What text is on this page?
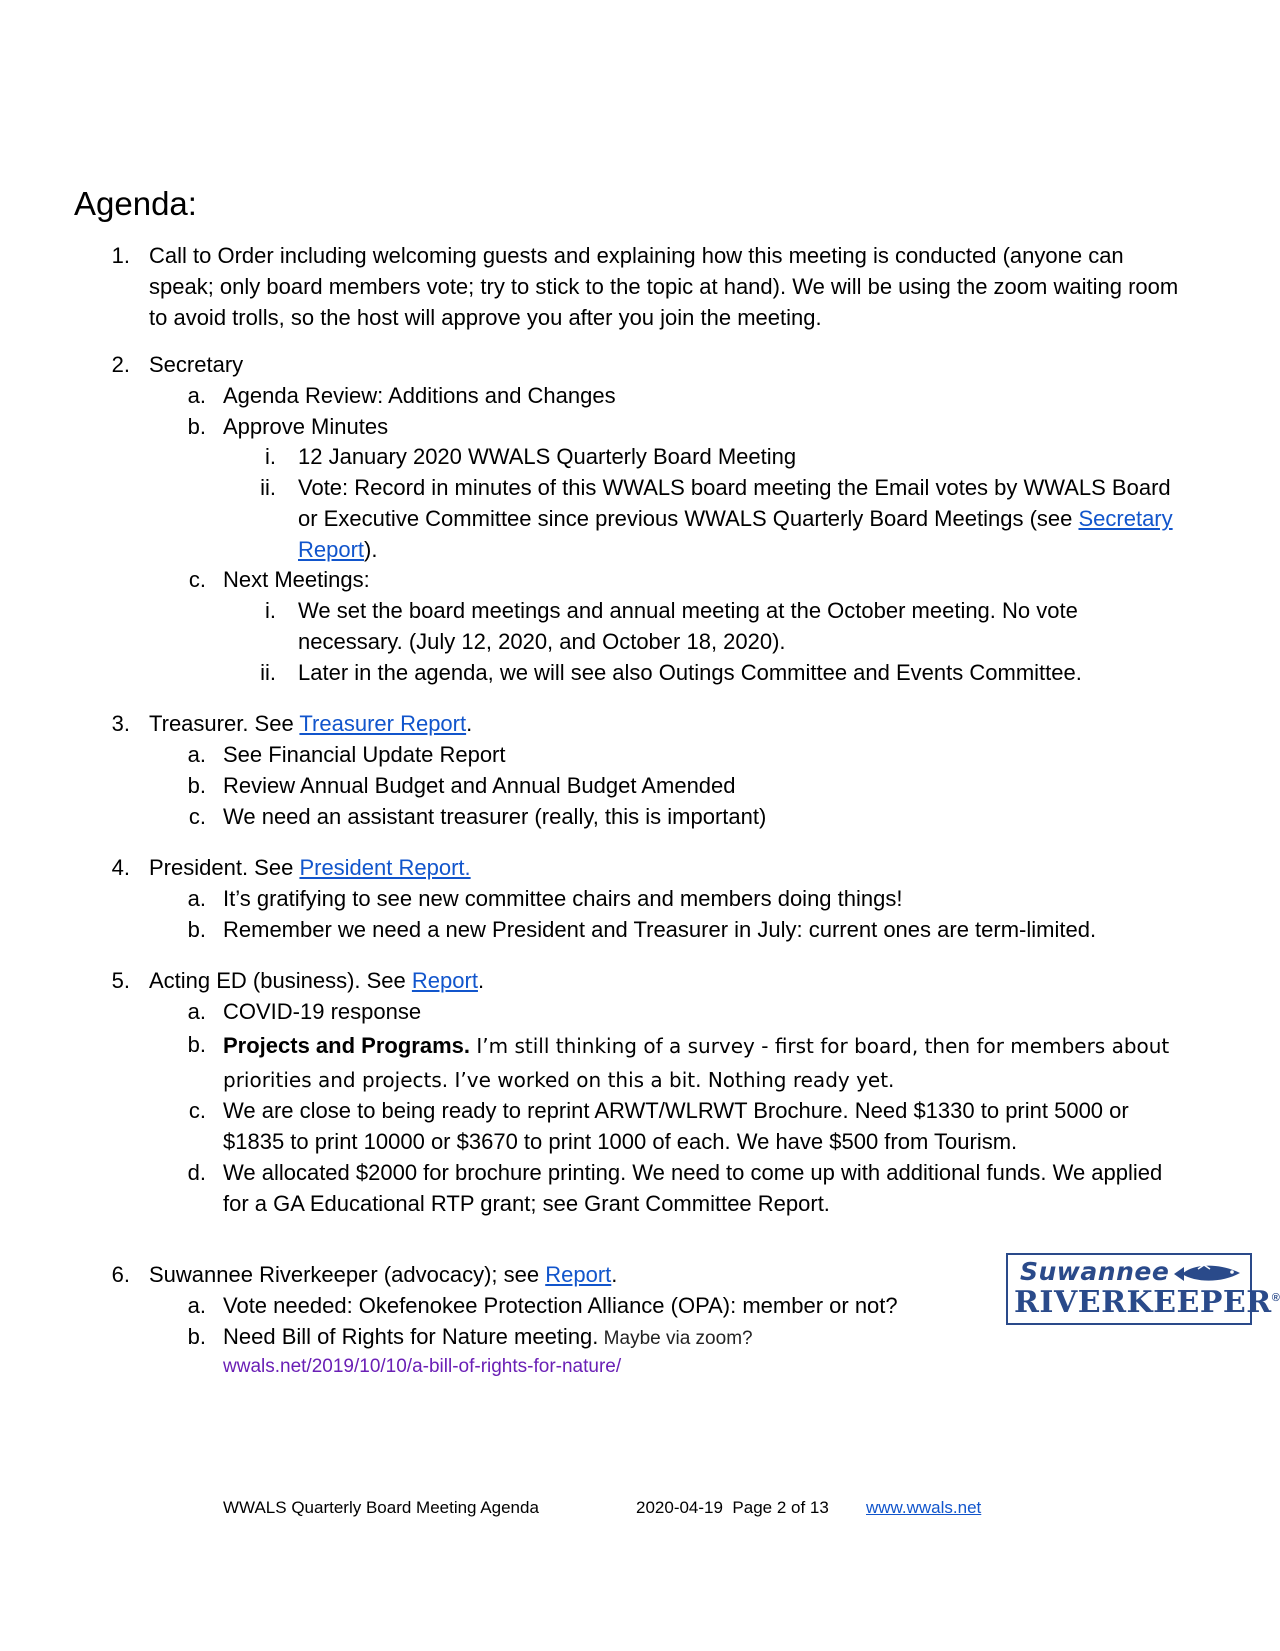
Agenda:
1. Call to Order including welcoming guests and explaining how this meeting is conducted (anyone can speak; only board members vote; try to stick to the topic at hand). We will be using the zoom waiting room to avoid trolls, so the host will approve you after you join the meeting.
2. Secretary
a. Agenda Review: Additions and Changes
b. Approve Minutes
i. 12 January 2020 WWALS Quarterly Board Meeting
ii. Vote: Record in minutes of this WWALS board meeting the Email votes by WWALS Board or Executive Committee since previous WWALS Quarterly Board Meetings (see Secretary Report).
c. Next Meetings:
i. We set the board meetings and annual meeting at the October meeting. No vote necessary. (July 12, 2020, and October 18, 2020).
ii. Later in the agenda, we will see also Outings Committee and Events Committee.
3. Treasurer. See Treasurer Report.
a. See Financial Update Report
b. Review Annual Budget and Annual Budget Amended
c. We need an assistant treasurer (really, this is important)
4. President. See President Report.
a. It’s gratifying to see new committee chairs and members doing things!
b. Remember we need a new President and Treasurer in July: current ones are term-limited.
5. Acting ED (business). See Report.
a. COVID-19 response
b. Projects and Programs. I’m still thinking of a survey - first for board, then for members about priorities and projects. I’ve worked on this a bit. Nothing ready yet.
c. We are close to being ready to reprint ARWT/WLRWT Brochure. Need $1330 to print 5000 or $1835 to print 10000 or $3670 to print 1000 of each. We have $500 from Tourism.
d. We allocated $2000 for brochure printing. We need to come up with additional funds. We applied for a GA Educational RTP grant; see Grant Committee Report.
6. Suwannee Riverkeeper (advocacy); see Report.
a. Vote needed: Okefenokee Protection Alliance (OPA): member or not?
b. Need Bill of Rights for Nature meeting. Maybe via zoom?
wwals.net/2019/10/10/a-bill-of-rights-for-nature/
Suwannee
RIVERKEEPER®
WWALS Quarterly Board Meeting Agenda	2020-04-19  Page 2 of 13 www.wwals.net
